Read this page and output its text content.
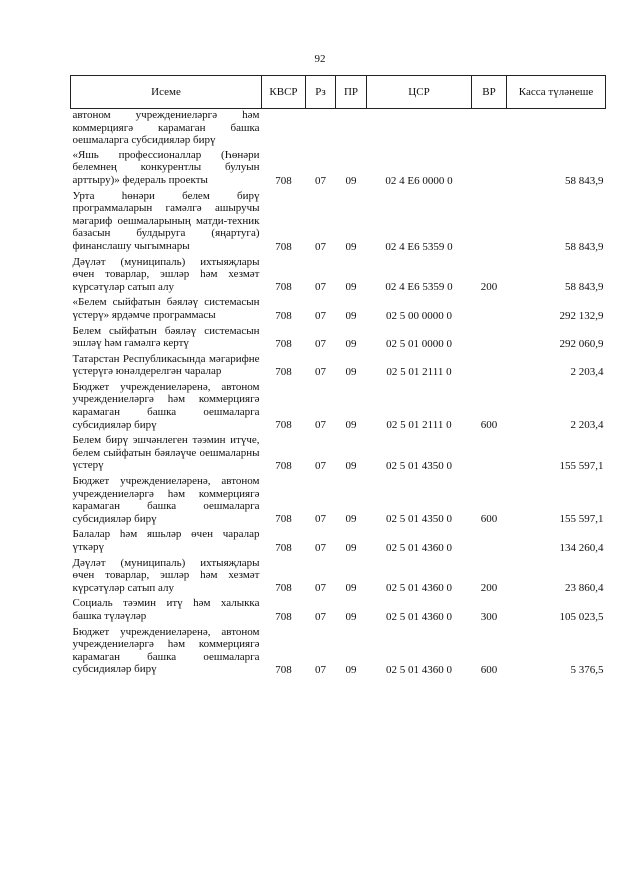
92
Исеме	КВСР	Рз	ПР	ЦСР	ВР	Касса түләнеше
автоном учреждениеләргә һәм коммерциягә карамаган башка оешмаларга субсидияләр бирү						
«Яшь профессионаллар (Һөнәри белемнең конкурентлы булуын арттыру)» федераль проекты	708	07	09	02 4 E6 0000 0		58 843,9
Урта һөнәри белем бирү программаларын гамәлгә ашыручы мәгариф оешмаларының матди-техник базасын булдыруга (яңартуга) финанслашу чыгымнары	708	07	09	02 4 E6 5359 0		58 843,9
Дәүләт (муниципаль) ихтыяҗлары өчен товарлар, эшләр һәм хезмәт күрсәтүләр сатып алу	708	07	09	02 4 E6 5359 0	200	58 843,9
«Белем сыйфатын бәяләү системасын үстерү» ярдәмче программасы	708	07	09	02 5 00 0000 0		292 132,9
Белем сыйфатын бәяләү системасын эшләү һәм гамәлгә кертү	708	07	09	02 5 01 0000 0		292 060,9
Татарстан Республикасында мәгарифне үстерүгә юнәлдерелгән чаралар	708	07	09	02 5 01 2111 0		2 203,4
Бюджет учреждениеләренә, автоном учреждениеләргә һәм коммерциягә карамаган башка оешмаларга субсидияләр бирү	708	07	09	02 5 01 2111 0	600	2 203,4
Белем бирү эшчәнлеген тәэмин итүче, белем сыйфатын бәяләүче оешмаларны үстерү	708	07	09	02 5 01 4350 0		155 597,1
Бюджет учреждениеләренә, автоном учреждениеләргә һәм коммерциягә карамаган башка оешмаларга субсидияләр бирү	708	07	09	02 5 01 4350 0	600	155 597,1
Балалар һәм яшьләр өчен чаралар үткәрү	708	07	09	02 5 01 4360 0		134 260,4
Дәүләт (муниципаль) ихтыяҗлары өчен товарлар, эшләр һәм хезмәт күрсәтүләр сатып алу	708	07	09	02 5 01 4360 0	200	23 860,4
Социаль тәэмин итү һәм халыкка башка түләүләр	708	07	09	02 5 01 4360 0	300	105 023,5
Бюджет учреждениеләренә, автоном учреждениеләргә һәм коммерциягә карамаган башка оешмаларга субсидияләр бирү	708	07	09	02 5 01 4360 0	600	5 376,5
